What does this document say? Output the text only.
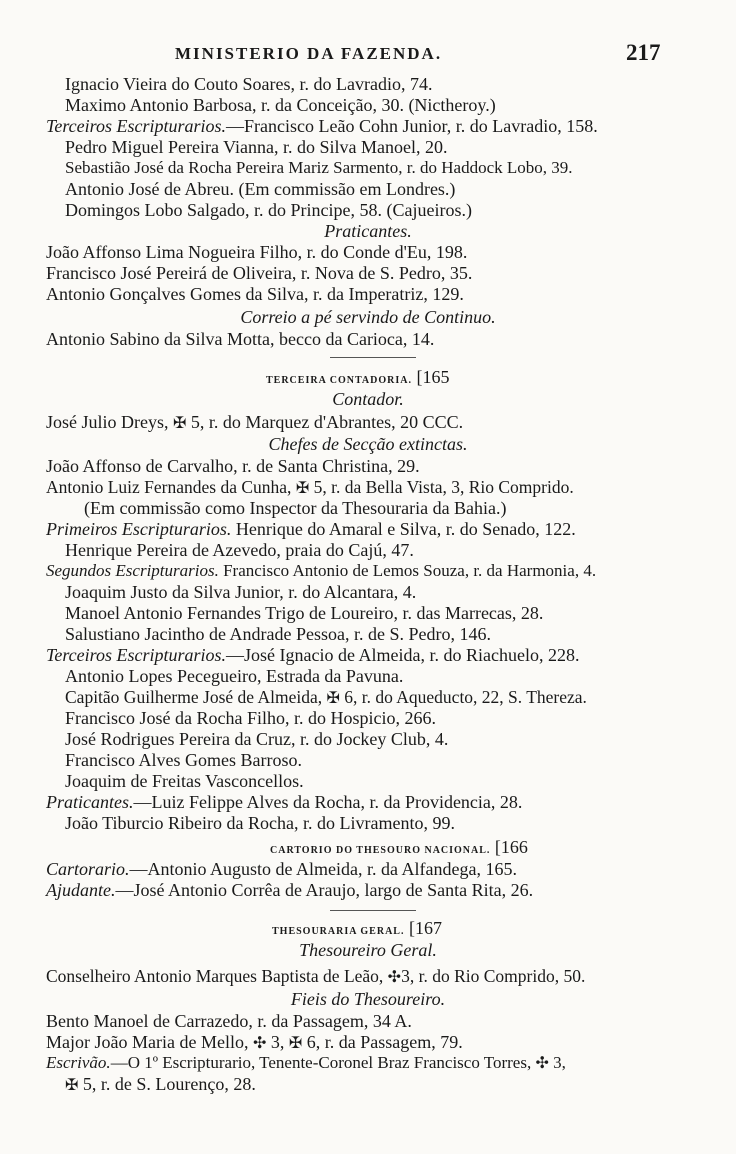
MINISTERIO DA FAZENDA.	217
Ignacio Vieira do Couto Soares, r. do Lavradio, 74.
Maximo Antonio Barbosa, r. da Conceição, 30. (Nictheroy.)
Terceiros Escripturarios.—Francisco Leão Cohn Junior, r. do Lavradio, 158.
Pedro Miguel Pereira Vianna, r. do Silva Manoel, 20.
Sebastião José da Rocha Pereira Mariz Sarmento, r. do Haddock Lobo, 39.
Antonio José de Abreu. (Em commissão em Londres.)
Domingos Lobo Salgado, r. do Principe, 58. (Cajueiros.)
Praticantes.
João Affonso Lima Nogueira Filho, r. do Conde d'Eu, 198.
Francisco José Pereirá de Oliveira, r. Nova de S. Pedro, 35.
Antonio Gonçalves Gomes da Silva, r. da Imperatriz, 129.
Correio a pé servindo de Continuo.
Antonio Sabino da Silva Motta, becco da Carioca, 14.
TERCEIRA CONTADORIA. [165
Contador.
José Julio Dreys, ✠ 5, r. do Marquez d'Abrantes, 20 CCC.
Chefes de Secção extinctas.
João Affonso de Carvalho, r. de Santa Christina, 29.
Antonio Luiz Fernandes da Cunha, ✠ 5, r. da Bella Vista, 3, Rio Comprido.
(Em commissão como Inspector da Thesouraria da Bahia.)
Primeiros Escripturarios. Henrique do Amaral e Silva, r. do Senado, 122.
Henrique Pereira de Azevedo, praia do Cajú, 47.
Segundos Escripturarios. Francisco Antonio de Lemos Souza, r. da Harmonia, 4.
Joaquim Justo da Silva Junior, r. do Alcantara, 4.
Manoel Antonio Fernandes Trigo de Loureiro, r. das Marrecas, 28.
Salustiano Jacintho de Andrade Pessoa, r. de S. Pedro, 146.
Terceiros Escripturarios.—José Ignacio de Almeida, r. do Riachuelo, 228.
Antonio Lopes Pecegueiro, Estrada da Pavuna.
Capitão Guilherme José de Almeida, ✠ 6, r. do Aqueducto, 22, S. Thereza.
Francisco José da Rocha Filho, r. do Hospicio, 266.
José Rodrigues Pereira da Cruz, r. do Jockey Club, 4.
Francisco Alves Gomes Barroso.
Joaquim de Freitas Vasconcellos.
Praticantes.—Luiz Felippe Alves da Rocha, r. da Providencia, 28.
João Tiburcio Ribeiro da Rocha, r. do Livramento, 99.
CARTORIO DO THESOURO NACIONAL. [166
Cartorario.—Antonio Augusto de Almeida, r. da Alfandega, 165.
Ajudante.—José Antonio Corrêa de Araujo, largo de Santa Rita, 26.
THESOURARIA GERAL. [167
Thesoureiro Geral.
Conselheiro Antonio Marques Baptista de Leão, ✣3, r. do Rio Comprido, 50.
Fieis do Thesoureiro.
Bento Manoel de Carrazedo, r. da Passagem, 34 A.
Major João Maria de Mello, ✣ 3, ✠ 6, r. da Passagem, 79.
Escrivão.—O 1º Escripturario, Tenente-Coronel Braz Francisco Torres, ✣ 3,
✠ 5, r. de S. Lourenço, 28.
